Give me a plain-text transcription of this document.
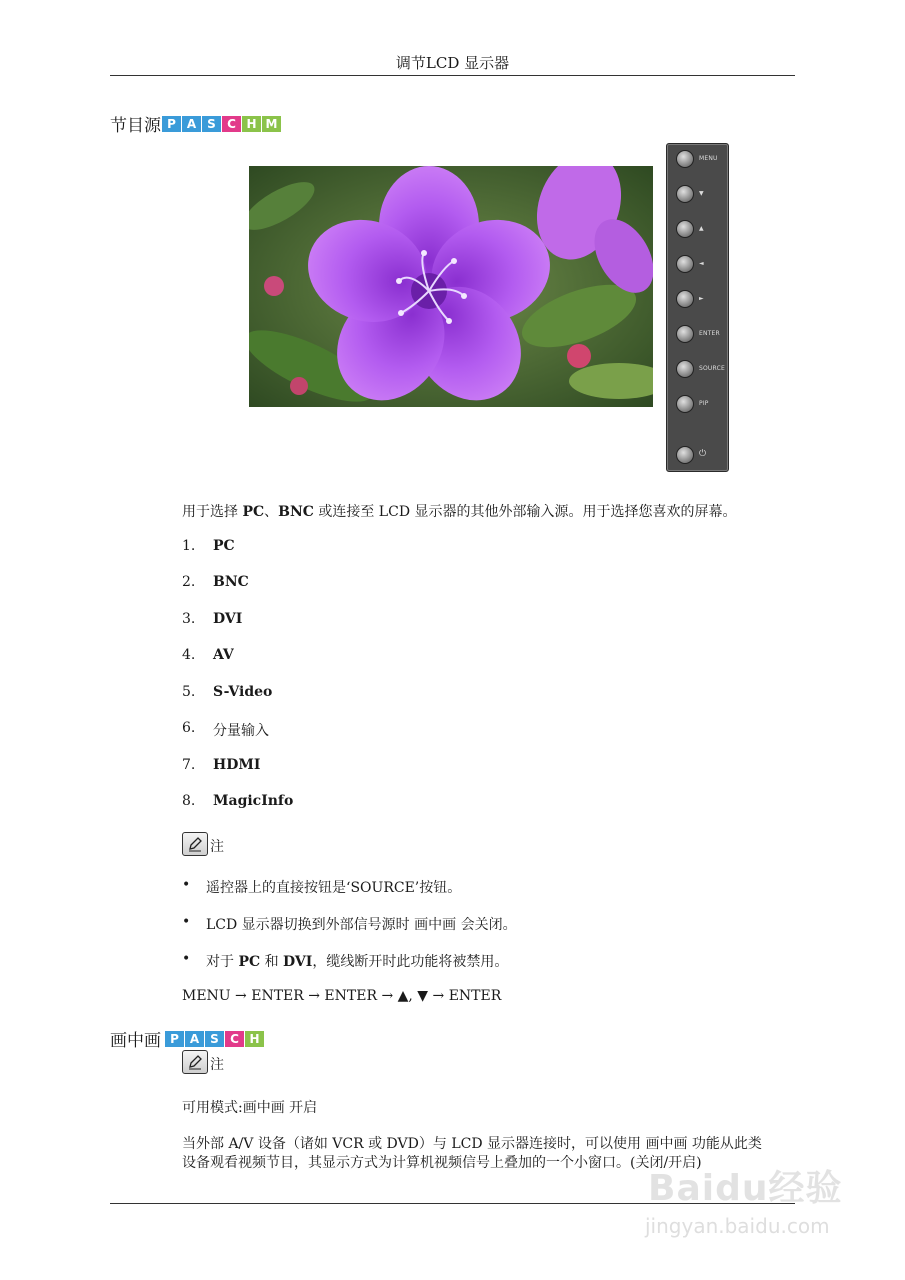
调节LCD 显示器
节目源 P A S C H M
MENU
▼
▲
◄
►
ENTER
SOURCE
PIP
⏻
用于选择 PC、BNC 或连接至 LCD 显示器的其他外部输入源。用于选择您喜欢的屏幕。
1.	PC
2.	BNC
3.	DVI
4.	AV
5.	S-Video
6.	分量输入
7.	HDMI
8.	MagicInfo
注
•	遥控器上的直接按钮是‘SOURCE’按钮。
•	LCD 显示器切换到外部信号源时 画中画 会关闭。
•	对于 PC 和 DVI，缆线断开时此功能将被禁用。
MENU → ENTER → ENTER → ▲, ▼ → ENTER
画中画 P A S C H
注
可用模式:画中画 开启
当外部 A/V 设备（诸如 VCR 或 DVD）与 LCD 显示器连接时，可以使用 画中画 功能从此类
设备观看视频节目，其显示方式为计算机视频信号上叠加的一个小窗口。(关闭/开启)
Baidu经验
jingyan.baidu.com
